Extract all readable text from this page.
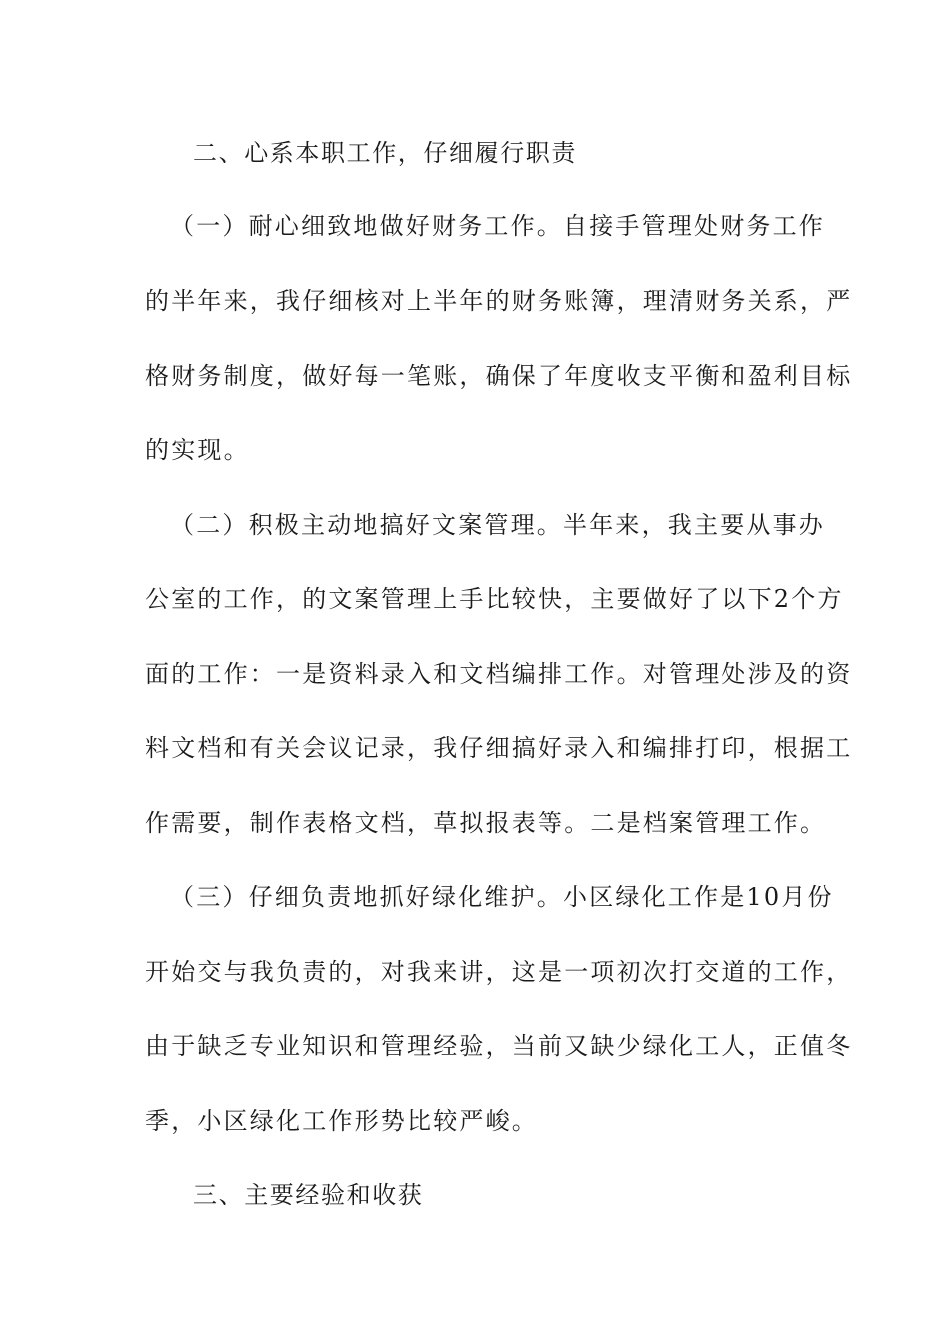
二、心系本职工作，仔细履行职责
（一）耐心细致地做好财务工作。自接手管理处财务工作
的半年来，我仔细核对上半年的财务账簿，理清财务关系，严
格财务制度，做好每一笔账，确保了年度收支平衡和盈利目标
的实现。
（二）积极主动地搞好文案管理。半年来，我主要从事办
公室的工作，的文案管理上手比较快，主要做好了以下2个方
面的工作：一是资料录入和文档编排工作。对管理处涉及的资
料文档和有关会议记录，我仔细搞好录入和编排打印，根据工
作需要，制作表格文档，草拟报表等。二是档案管理工作。
（三）仔细负责地抓好绿化维护。小区绿化工作是10月份
开始交与我负责的，对我来讲，这是一项初次打交道的工作，
由于缺乏专业知识和管理经验，当前又缺少绿化工人，正值冬
季，小区绿化工作形势比较严峻。
三、主要经验和收获
